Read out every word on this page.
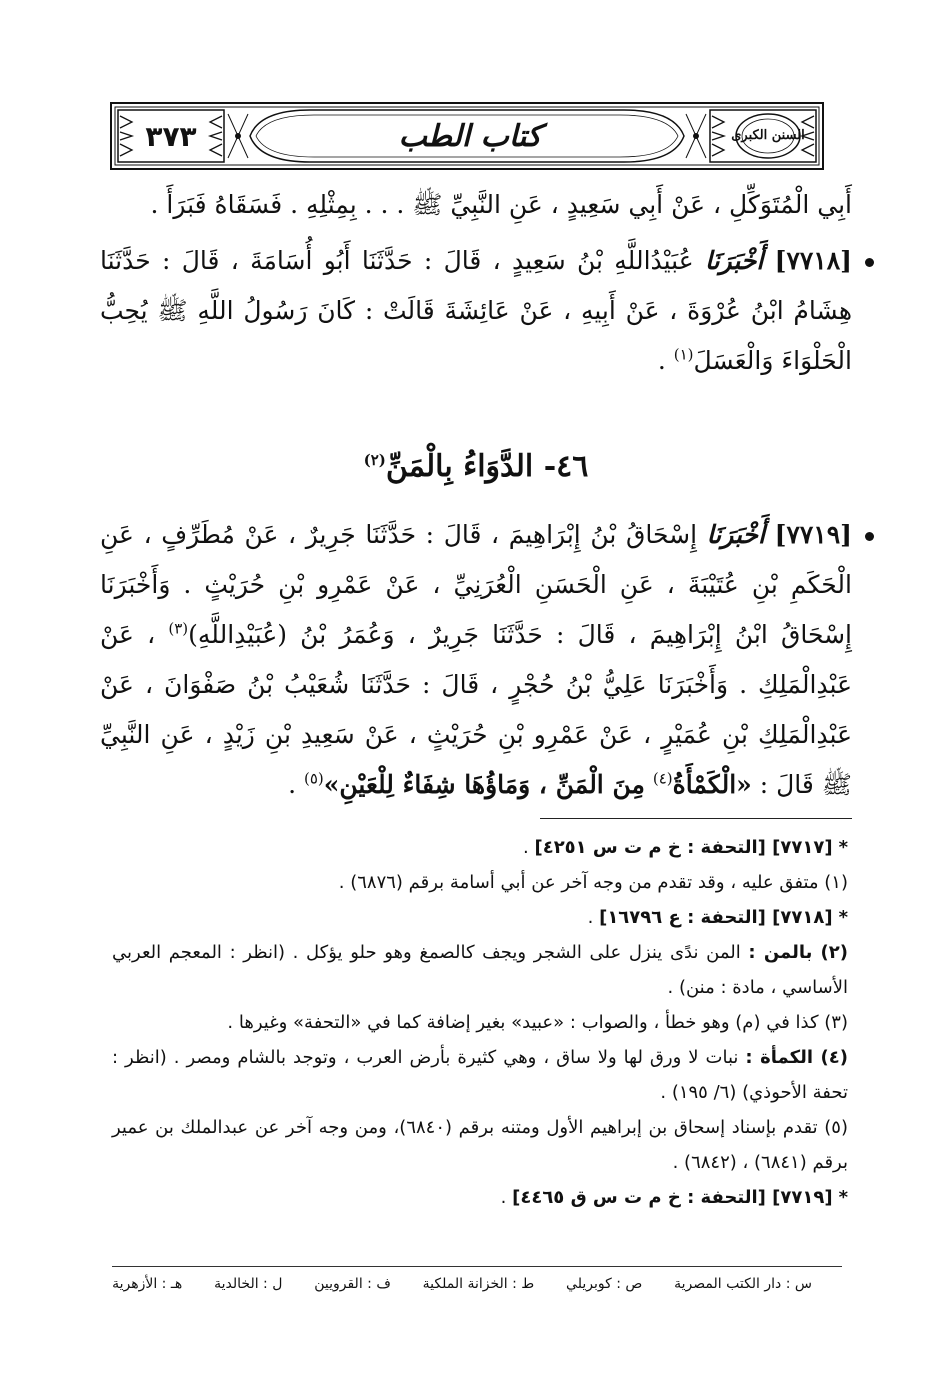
٣٧٣	كتاب الطب	السنن الكبرى

أَبِي الْمُتَوَكِّلِ ، عَنْ أَبِي سَعِيدٍ ، عَنِ النَّبِيِّ ﷺ . . . بِمِثْلِهِ . فَسَقَاهُ فَبَرَأَ .

[٧٧١٨] أَخْبَرَنَا عُبَيْدُاللَّهِ بْنُ سَعِيدٍ ، قَالَ : حَدَّثَنَا أَبُو أُسَامَةَ ، قَالَ : حَدَّثَنَا هِشَامُ ابْنُ عُرْوَةَ ، عَنْ أَبِيهِ ، عَنْ عَائِشَةَ قَالَتْ : كَانَ رَسُولُ اللَّهِ ﷺ يُحِبُّ الْحَلْوَاءَ وَالْعَسَلَ$^{(١)}$ .

٤٦- الدَّوَاءُ بِالْمَنِّ$^{(٢)}$

[٧٧١٩] أَخْبَرَنَا إِسْحَاقُ بْنُ إِبْرَاهِيمَ ، قَالَ : حَدَّثَنَا جَرِيرٌ ، عَنْ مُطَرِّفٍ ، عَنِ الْحَكَمِ بْنِ عُتَيْبَةَ ، عَنِ الْحَسَنِ الْعُرَنِيِّ ، عَنْ عَمْرِو بْنِ حُرَيْثٍ . وَأَخْبَرَنَا إِسْحَاقُ ابْنُ إِبْرَاهِيمَ ، قَالَ : حَدَّثَنَا جَرِيرٌ ، وَعُمَرُ بْنُ (عُبَيْدِاللَّهِ)$^{(٣)}$ ، عَنْ عَبْدِالْمَلِكِ . وَأَخْبَرَنَا عَلِيُّ بْنُ حُجْرٍ ، قَالَ : حَدَّثَنَا شُعَيْبُ بْنُ صَفْوَانَ ، عَنْ عَبْدِالْمَلِكِ بْنِ عُمَيْرٍ ، عَنْ عَمْرِو بْنِ حُرَيْثٍ ، عَنْ سَعِيدِ بْنِ زَيْدٍ ، عَنِ النَّبِيِّ ﷺ قَالَ : «الْكَمْأَةُ$^{(٤)}$ مِنَ الْمَنِّ ، وَمَاؤُهَا شِفَاءٌ لِلْعَيْنِ»$^{(٥)}$ .

*[٧٧١٧] [التحفة : خ م ت س ٤٢٥١] .

(١) متفق عليه ، وقد تقدم من وجه آخر عن أبي أسامة برقم (٦٨٧٦) .

*[٧٧١٨] [التحفة : ع ١٦٧٩٦] .

(٢) بالمن : المن ندًى ينزل على الشجر ويجف كالصمغ وهو حلو يؤكل . (انظر : المعجم العربي الأساسي ، مادة : منن) .

(٣) كذا في (م) وهو خطأ ، والصواب : «عبيد» بغير إضافة كما في «التحفة» وغيرها .

(٤) الكمأة : نبات لا ورق لها ولا ساق ، وهي كثيرة بأرض العرب ، وتوجد بالشام ومصر . (انظر : تحفة الأحوذي) (٦/ ١٩٥) .

(٥) تقدم بإسناد إسحاق بن إبراهيم الأول ومتنه برقم (٦٨٤٠)، ومن وجه آخر عن عبدالملك بن عمير برقم (٦٨٤١) ، (٦٨٤٢) .

*[٧٧١٩] [التحفة : خ م ت س ق ٤٤٦٥] .

س : دار الكتب المصرية
ص : كوبريلي
ط : الخزانة الملكية
ف : القرويين
ل : الخالدية
هـ : الأزهرية
